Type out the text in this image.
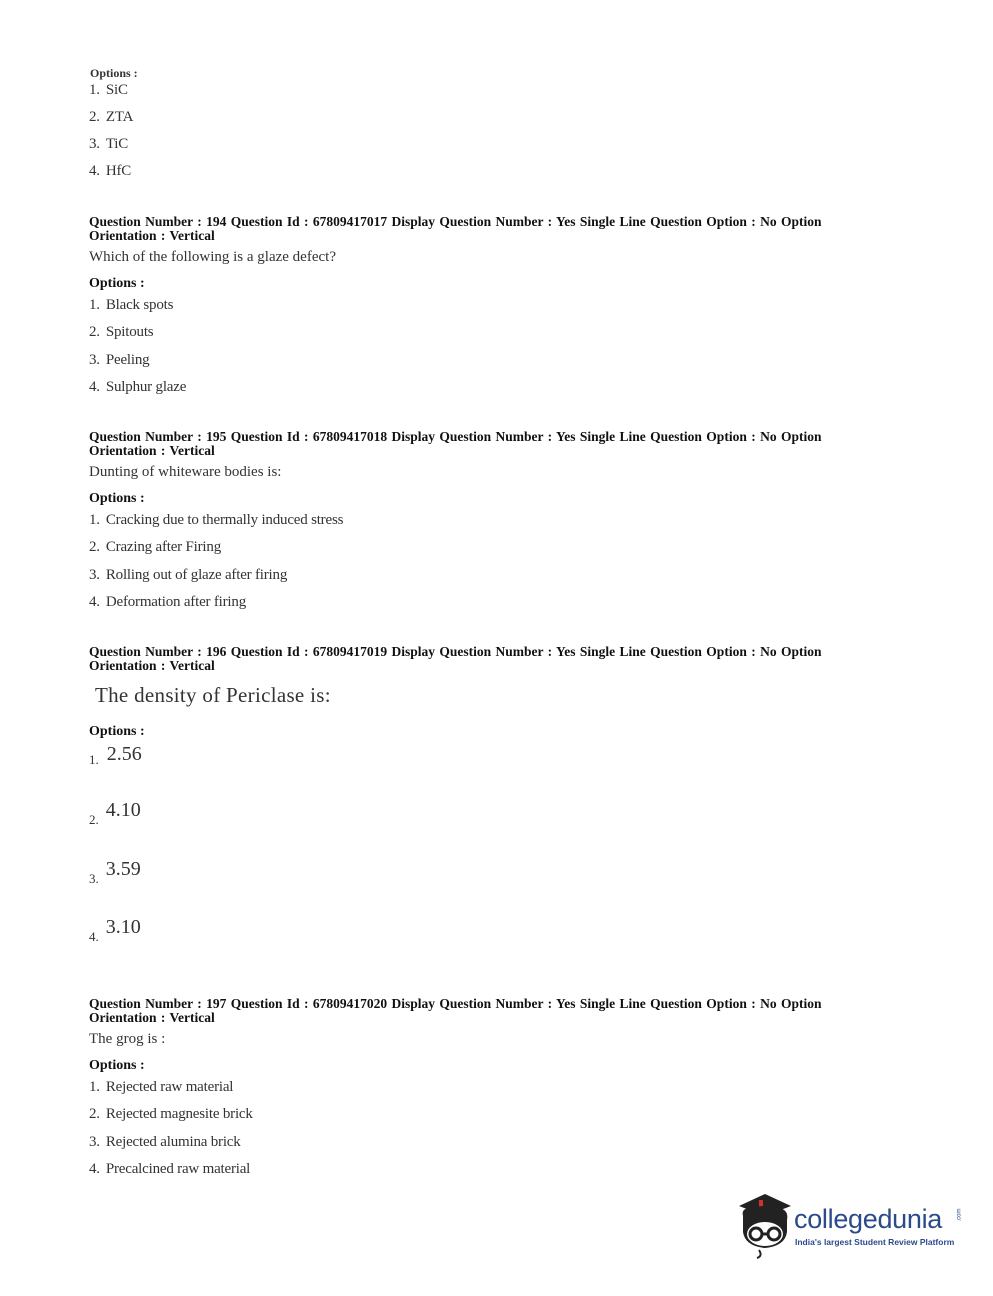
Options :
1. SiC
2. ZTA
3. TiC
4. HfC
Question Number : 194 Question Id : 67809417017 Display Question Number : Yes Single Line Question Option : No Option
Orientation : Vertical
Which of the following is a glaze defect?
Options :
1. Black spots
2. Spitouts
3. Peeling
4. Sulphur glaze
Question Number : 195 Question Id : 67809417018 Display Question Number : Yes Single Line Question Option : No Option
Orientation : Vertical
Dunting of whiteware bodies is:
Options :
1. Cracking due to thermally induced stress
2. Crazing after Firing
3. Rolling out of glaze after firing
4. Deformation after firing
Question Number : 196 Question Id : 67809417019 Display Question Number : Yes Single Line Question Option : No Option
Orientation : Vertical
The density of Periclase is:
Options :
$_{1.}$ 2.56
$_{2.}$ 4.10
$_{3.}$ 3.59
$_{4.}$ 3.10
Question Number : 197 Question Id : 67809417020 Display Question Number : Yes Single Line Question Option : No Option
Orientation : Vertical
The grog is :
Options :
1. Rejected raw material
2. Rejected magnesite brick
3. Rejected alumina brick
4. Precalcined raw material
collegedunia .com
India's largest Student Review Platform
